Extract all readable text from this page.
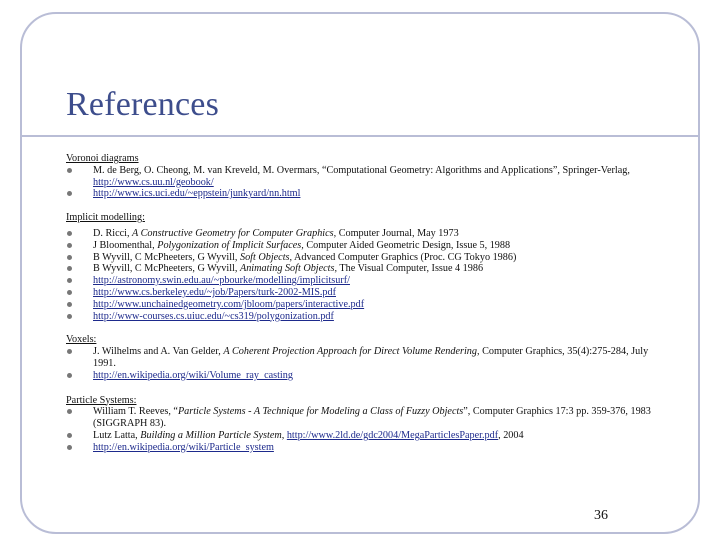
References
Voronoi diagrams
M. de Berg, O. Cheong, M. van Kreveld, M. Overmars, “Computational Geometry: Algorithms and Applications”, Springer-Verlag, http://www.cs.uu.nl/geobook/
http://www.ics.uci.edu/~eppstein/junkyard/nn.html
Implicit modelling:
D. Ricci, A Constructive Geometry for Computer Graphics, Computer Journal, May 1973
J Bloomenthal, Polygonization of Implicit Surfaces, Computer Aided Geometric Design, Issue 5, 1988
B Wyvill, C McPheeters, G Wyvill, Soft Objects, Advanced Computer Graphics (Proc. CG Tokyo 1986)
B Wyvill, C McPheeters, G Wyvill, Animating Soft Objects, The Visual Computer, Issue 4 1986
http://astronomy.swin.edu.au/~pbourke/modelling/implicitsurf/
http://www.cs.berkeley.edu/~job/Papers/turk-2002-MIS.pdf
http://www.unchainedgeometry.com/jbloom/papers/interactive.pdf
http://www-courses.cs.uiuc.edu/~cs319/polygonization.pdf
Voxels:
J. Wilhelms and A. Van Gelder, A Coherent Projection Approach for Direct Volume Rendering, Computer Graphics, 35(4):275-284, July 1991.
http://en.wikipedia.org/wiki/Volume_ray_casting
Particle Systems:
William T. Reeves, “Particle Systems - A Technique for Modeling a Class of Fuzzy Objects”, Computer Graphics 17:3 pp. 359-376, 1983 (SIGGRAPH 83).
Lutz Latta, Building a Million Particle System, http://www.2ld.de/gdc2004/MegaParticlesPaper.pdf, 2004
http://en.wikipedia.org/wiki/Particle_system
36
